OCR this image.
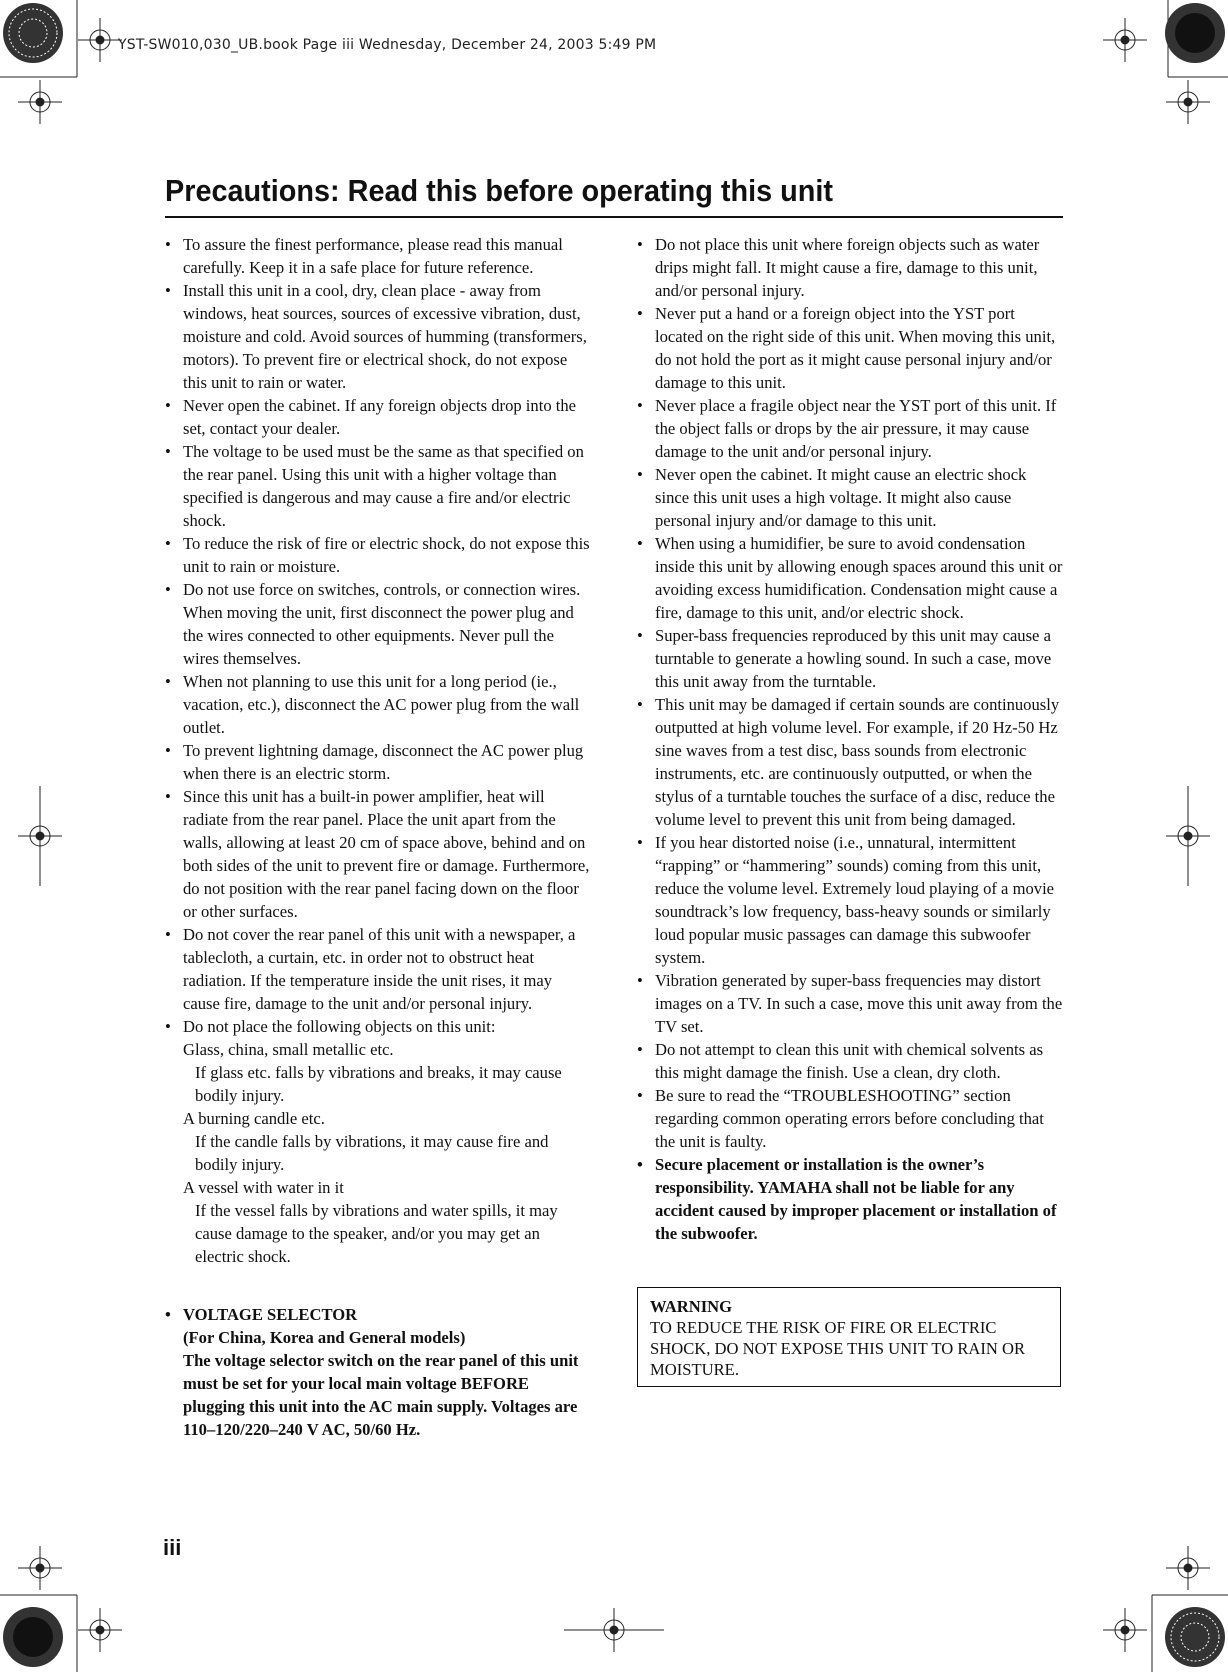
YST-SW010,030_UB.book Page iii Wednesday, December 24, 2003 5:49 PM
Precautions: Read this before operating this unit
• To assure the finest performance, please read this manual carefully. Keep it in a safe place for future reference.
• Install this unit in a cool, dry, clean place - away from windows, heat sources, sources of excessive vibration, dust, moisture and cold. Avoid sources of humming (transformers, motors). To prevent fire or electrical shock, do not expose this unit to rain or water.
• Never open the cabinet. If any foreign objects drop into the set, contact your dealer.
• The voltage to be used must be the same as that specified on the rear panel. Using this unit with a higher voltage than specified is dangerous and may cause a fire and/or electric shock.
• To reduce the risk of fire or electric shock, do not expose this unit to rain or moisture.
• Do not use force on switches, controls, or connection wires. When moving the unit, first disconnect the power plug and the wires connected to other equipments. Never pull the wires themselves.
• When not planning to use this unit for a long period (ie., vacation, etc.), disconnect the AC power plug from the wall outlet.
• To prevent lightning damage, disconnect the AC power plug when there is an electric storm.
• Since this unit has a built-in power amplifier, heat will radiate from the rear panel. Place the unit apart from the walls, allowing at least 20 cm of space above, behind and on both sides of the unit to prevent fire or damage. Furthermore, do not position with the rear panel facing down on the floor or other surfaces.
• Do not cover the rear panel of this unit with a newspaper, a tablecloth, a curtain, etc. in order not to obstruct heat radiation. If the temperature inside the unit rises, it may cause fire, damage to the unit and/or personal injury.
• Do not place the following objects on this unit:
Glass, china, small metallic etc.
If glass etc. falls by vibrations and breaks, it may cause bodily injury.
A burning candle etc.
If the candle falls by vibrations, it may cause fire and bodily injury.
A vessel with water in it
If the vessel falls by vibrations and water spills, it may cause damage to the speaker, and/or you may get an electric shock.
• VOLTAGE SELECTOR
(For China, Korea and General models)
The voltage selector switch on the rear panel of this unit must be set for your local main voltage BEFORE plugging this unit into the AC main supply. Voltages are 110–120/220–240 V AC, 50/60 Hz.
• Do not place this unit where foreign objects such as water drips might fall. It might cause a fire, damage to this unit, and/or personal injury.
• Never put a hand or a foreign object into the YST port located on the right side of this unit. When moving this unit, do not hold the port as it might cause personal injury and/or damage to this unit.
• Never place a fragile object near the YST port of this unit. If the object falls or drops by the air pressure, it may cause damage to the unit and/or personal injury.
• Never open the cabinet. It might cause an electric shock since this unit uses a high voltage. It might also cause personal injury and/or damage to this unit.
• When using a humidifier, be sure to avoid condensation inside this unit by allowing enough spaces around this unit or avoiding excess humidification. Condensation might cause a fire, damage to this unit, and/or electric shock.
• Super-bass frequencies reproduced by this unit may cause a turntable to generate a howling sound. In such a case, move this unit away from the turntable.
• This unit may be damaged if certain sounds are continuously outputted at high volume level. For example, if 20 Hz-50 Hz sine waves from a test disc, bass sounds from electronic instruments, etc. are continuously outputted, or when the stylus of a turntable touches the surface of a disc, reduce the volume level to prevent this unit from being damaged.
• If you hear distorted noise (i.e., unnatural, intermittent “rapping” or “hammering” sounds) coming from this unit, reduce the volume level. Extremely loud playing of a movie soundtrack’s low frequency, bass-heavy sounds or similarly loud popular music passages can damage this subwoofer system.
• Vibration generated by super-bass frequencies may distort images on a TV. In such a case, move this unit away from the TV set.
• Do not attempt to clean this unit with chemical solvents as this might damage the finish. Use a clean, dry cloth.
• Be sure to read the “TROUBLESHOOTING” section regarding common operating errors before concluding that the unit is faulty.
• Secure placement or installation is the owner’s responsibility. YAMAHA shall not be liable for any accident caused by improper placement or installation of the subwoofer.
WARNING
TO REDUCE THE RISK OF FIRE OR ELECTRIC SHOCK, DO NOT EXPOSE THIS UNIT TO RAIN OR MOISTURE.
iii
